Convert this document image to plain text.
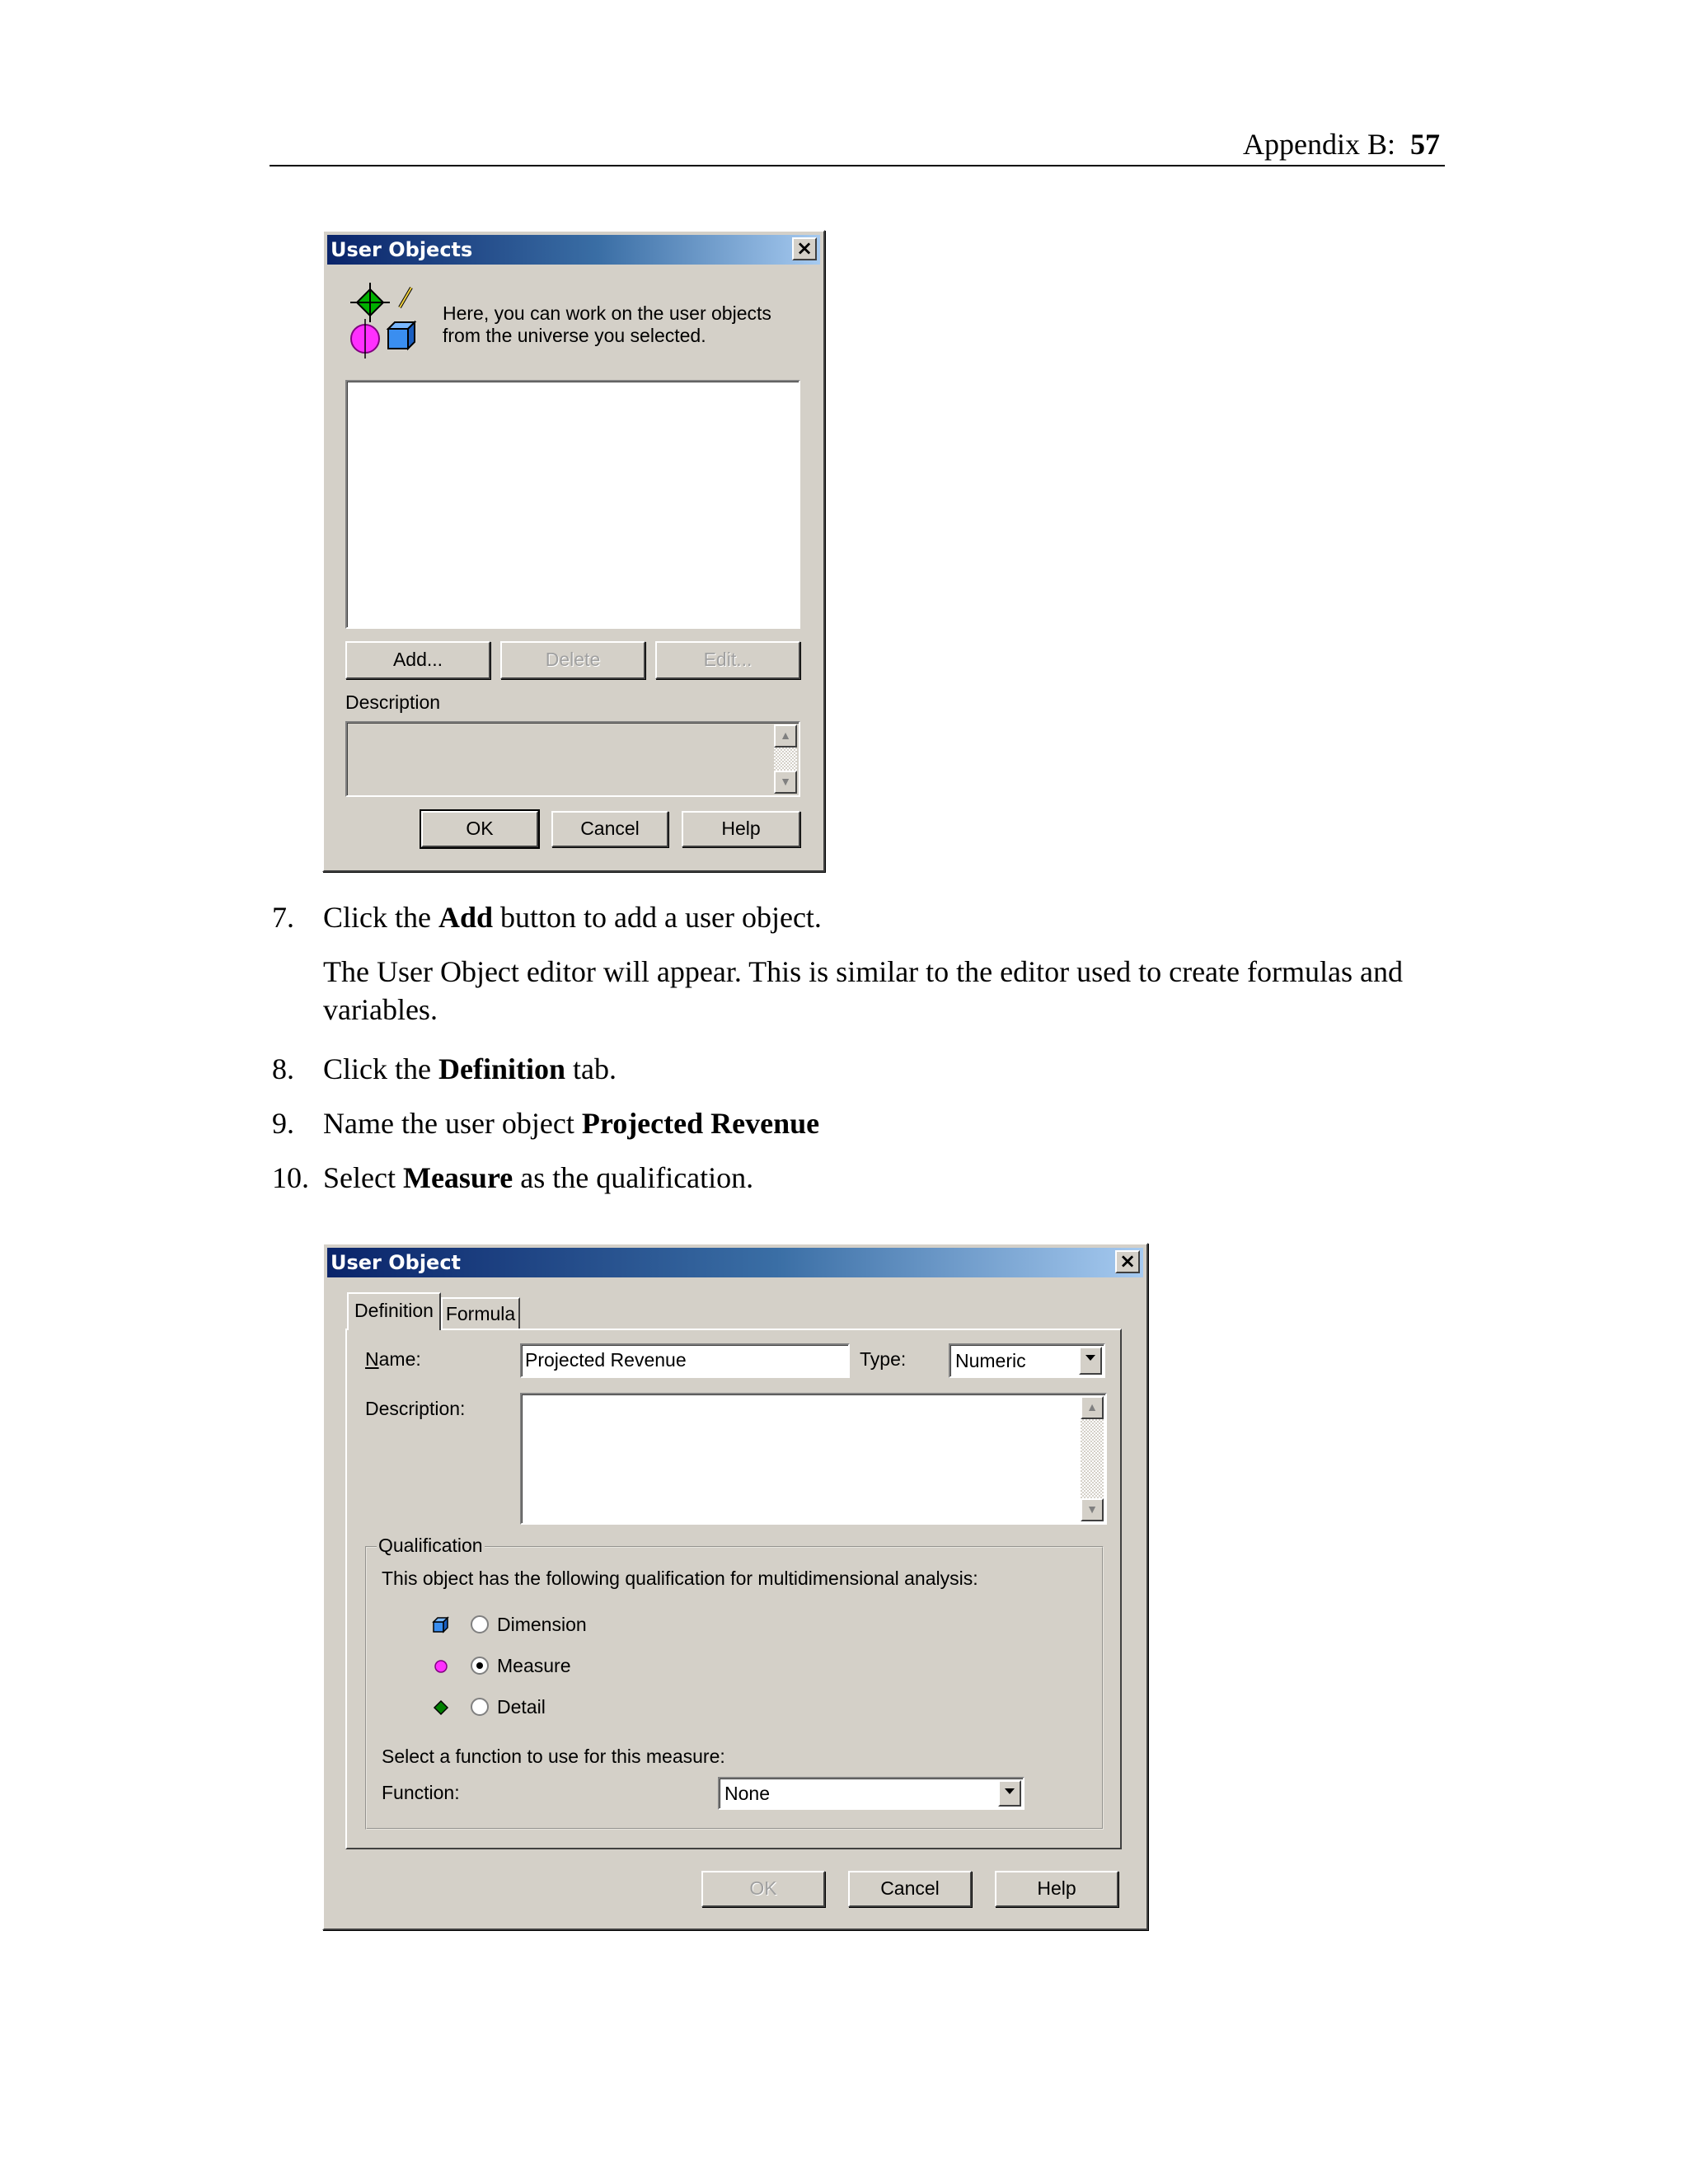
Appendix B: 57
User Objects	×
Here, you can work on the user objects from the universe you selected.
Add...	Delete	Edit...
Description
▲
▼
OK	Cancel	Help
7. Click the Add button to add a user object.
The User Object editor will appear. This is similar to the editor used to create formulas and variables.
8. Click the Definition tab.
9. Name the user object Projected Revenue
10. Select Measure as the qualification.
User Object	×
Definition Formula
Name:	Projected Revenue	Type:	Numeric
Description:	▲
▼
Qualification
This object has the following qualification for multidimensional analysis:
Dimension
Measure
Detail
Select a function to use for this measure:
Function:	None
OK	Cancel	Help
